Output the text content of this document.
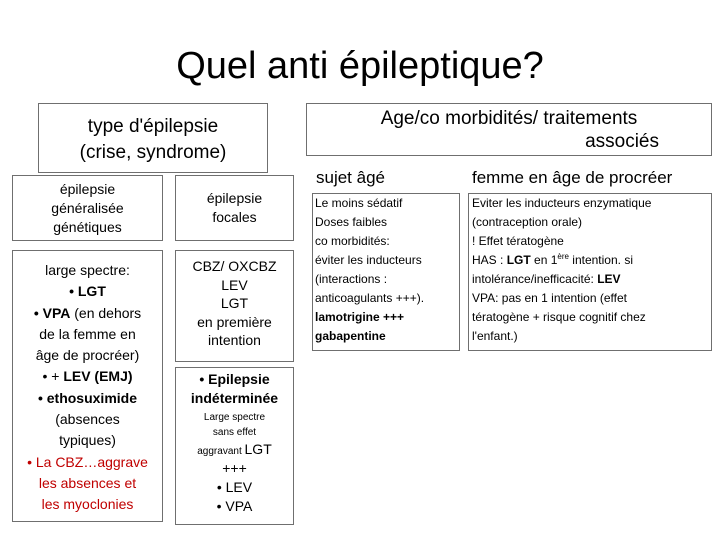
Quel anti épileptique?
type d'épilepsie
(crise, syndrome)
épilepsie
généralisée
génétiques
épilepsie
focales
large spectre:
• LGT
• VPA (en dehors
de la femme en
âge de procréer)
• + LEV (EMJ)
• ethosuximide
(absences
typiques)
• La CBZ…aggrave
les absences et
les myoclonies
CBZ/ OXCBZ
LEV
LGT
en première
intention
• Epilepsie
indéterminée
Large spectre
sans effet
aggravant LGT
+++
• LEV
• VPA
Age/co morbidités/ traitements
associés
sujet âgé	femme en âge de procréer
Le moins sédatif
Doses faibles
co morbidités:
éviter les inducteurs
(interactions :
anticoagulants +++).
lamotrigine +++
gabapentine
Eviter les inducteurs enzymatique
(contraception orale)
! Effet tératogène
HAS : LGT en 1ère intention. si
intolérance/inefficacité: LEV
VPA: pas en 1 intention (effet
tératogène + risque cognitif chez
l'enfant.)
